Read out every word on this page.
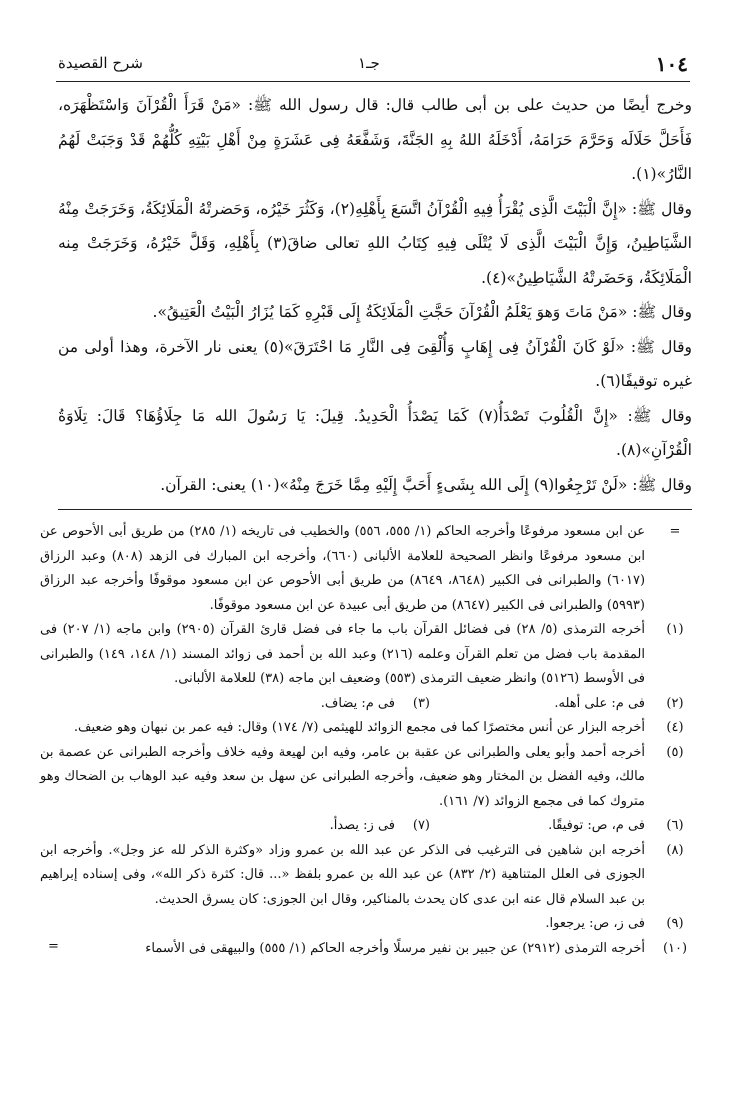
١٠٤
جـ١
شرح القصيدة

وخرج أيضًا من حديث على بن أبى طالب قال: قال رسول الله ﷺ: «مَنْ قَرَأَ الْقُرْآنَ وَاسْتَظْهَرَه، فَأَحَلَّ حَلَالَه وَحَرَّمَ حَرَامَهُ، أَدْخَلَهُ اللهُ بِهِ الجَنَّةَ، وَشَفَّعَهُ فِى عَشَرَةٍ مِنْ أَهْلِ بَيْتِهِ كُلُّهُمْ قَدْ وَجَبَتْ لَهُمُ النَّارُ»(١).

وقال ﷺ: «إِنَّ الْبَيْتَ الَّذِى يُقْرَأُ فِيهِ الْقُرْآنُ اتَّسَعَ بِأَهْلِهِ(٢)، وَكَثُرَ خَيْرُه، وَحَضرتْهُ الْمَلَائِكَةُ، وَخَرَجَتْ مِنْهُ الشَّيَاطِينُ، وَإِنَّ الْبَيْتَ الَّذِى لَا يُتْلَى فِيهِ كِتَابُ اللهِ تعالى ضاقَ(٣) بِأَهْلِهِ، وَقَلَّ خَيْرُهُ، وَخَرَجَتْ مِنه الْمَلَائِكَةُ، وَحَضَرتْهُ الشَّيَاطِينُ»(٤).

وقال ﷺ: «مَنْ مَاتَ وَهوَ يَعْلَمُ الْقُرْآنَ حَجَّتِ الْمَلَائِكَةُ إِلَى قَبْرِهِ كَمَا يُزَارُ الْبَيْتُ الْعَتِيقُ».

وقال ﷺ: «لَوْ كَانَ الْقُرْآنُ فِى إِهَابٍ وَأُلْقِىَ فِى النَّارِ مَا احْتَرَقَ»(٥) يعنى نار الآخرة، وهذا أولى من غيره توقيفًا(٦).

وقال ﷺ: «إِنَّ الْقُلُوبَ تَصْدَأُ(٧) كَمَا يَصْدَأُ الْحَدِيدُ. قِيلَ: يَا رَسُولَ الله مَا جِلَاؤُهَا؟ قَالَ: تِلَاوَةُ الْقُرْآنِ»(٨).

وقال ﷺ: «لَنْ تَرْجِعُوا(٩) إِلَى الله بِشَىءٍ أَحَبَّ إِلَيْهِ مِمَّا خَرَجَ مِنْهُ»(١٠) يعنى: القرآن.

=
عن ابن مسعود مرفوعًا وأخرجه الحاكم (١/ ٥٥٥، ٥٥٦) والخطيب فى تاريخه (١/ ٢٨٥) من طريق أبى الأحوص عن ابن مسعود مرفوعًا وانظر الصحيحة للعلامة الألبانى (٦٦٠)، وأخرجه ابن المبارك فى الزهد (٨٠٨) وعبد الرزاق (٦٠١٧) والطبرانى فى الكبير (٨٦٤٨، ٨٦٤٩) من طريق أبى الأحوص عن ابن مسعود موقوفًا وأخرجه عبد الرزاق (٥٩٩٣) والطبرانى فى الكبير (٨٦٤٧) من طريق أبى عبيدة عن ابن مسعود موقوفًا.
(١)
أخرجه الترمذى (٥/ ٢٨) فى فضائل القرآن باب ما جاء فى فضل قارئ القرآن (٢٩٠٥) وابن ماجه (١/ ٢٠٧) فى المقدمة باب فضل من تعلم القرآن وعلمه (٢١٦) وعبد الله بن أحمد فى زوائد المسند (١/ ١٤٨، ١٤٩) والطبرانى فى الأوسط (٥١٢٦) وانظر ضعيف الترمذى (٥٥٣) وضعيف ابن ماجه (٣٨) للعلامة الألبانى.
(٢)
فى م: على أهله.
(٣)
فى م: يضاف.
(٤)
أخرجه البزار عن أنس مختصرًا كما فى مجمع الزوائد للهيثمى (٧/ ١٧٤) وقال: فيه عمر بن نبهان وهو ضعيف.
(٥)
أخرجه أحمد وأبو يعلى والطبرانى عن عقبة بن عامر، وفيه ابن لهيعة وفيه خلاف وأخرجه الطبرانى عن عصمة بن مالك، وفيه الفضل بن المختار وهو ضعيف، وأخرجه الطبرانى عن سهل بن سعد وفيه عبد الوهاب بن الضحاك وهو متروك كما فى مجمع الزوائد (٧/ ١٦١).
(٦)
فى م، ص: توفيقًا.
(٧)
فى ز: يصدأ.
(٨)
أخرجه ابن شاهين فى الترغيب فى الذكر عن عبد الله بن عمرو وزاد «وكثرة الذكر لله عز وجل». وأخرجه ابن الجوزى فى العلل المتناهية (٢/ ٨٣٢) عن عبد الله بن عمرو بلفظ «... قال: كثرة ذكر الله»، وفى إسناده إبراهيم بن عبد السلام قال عنه ابن عدى كان يحدث بالمناكير، وقال ابن الجوزى: كان يسرق الحديث.
(٩)
فى ز، ص: يرجعوا.
(١٠)
أخرجه الترمذى (٢٩١٢) عن جبير بن نفير مرسلًا وأخرجه الحاكم (١/ ٥٥٥) والبيهقى فى الأسماء
=
